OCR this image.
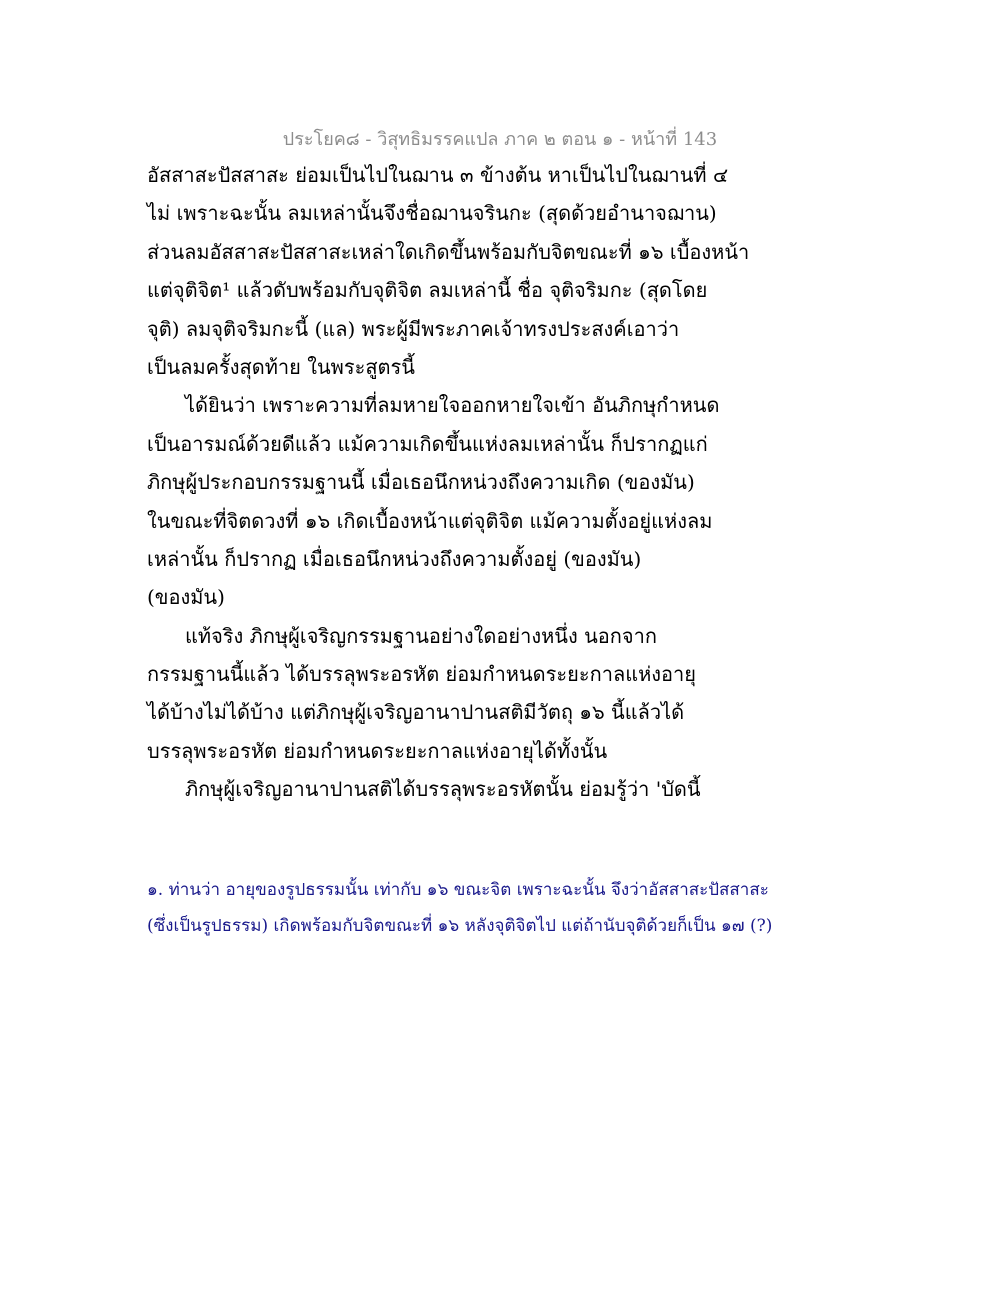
ประโยค๘ - วิสุทธิมรรคแปล ภาค ๒ ตอน ๑ - หน้าที่ 143
อัสสาสะปัสสาสะ ย่อมเป็นไปในฌาน ๓ ข้างต้น หาเป็นไปในฌานที่ ๔
ไม่ เพราะฉะนั้น ลมเหล่านั้นจึงชื่อฌานจรินกะ (สุดด้วยอำนาจฌาน)
ส่วนลมอัสสาสะปัสสาสะเหล่าใดเกิดขึ้นพร้อมกับจิตขณะที่ ๑๖ เบื้องหน้า
แต่จุติจิต¹ แล้วดับพร้อมกับจุติจิต ลมเหล่านี้ ชื่อ จุติจริมกะ (สุดโดย
จุติ) ลมจุติจริมกะนี้ (แล) พระผู้มีพระภาคเจ้าทรงประสงค์เอาว่า
เป็นลมครั้งสุดท้าย ในพระสูตรนี้
ได้ยินว่า เพราะความที่ลมหายใจออกหายใจเข้า อันภิกษุกำหนด
เป็นอารมณ์ด้วยดีแล้ว แม้ความเกิดขึ้นแห่งลมเหล่านั้น ก็ปรากฏแก่
ภิกษุผู้ประกอบกรรมฐานนี้ เมื่อเธอนึกหน่วงถึงความเกิด (ของมัน)
ในขณะที่จิตดวงที่ ๑๖ เกิดเบื้องหน้าแต่จุติจิต แม้ความตั้งอยู่แห่งลม
เหล่านั้น ก็ปรากฏ เมื่อเธอนึกหน่วงถึงความตั้งอยู่ (ของมัน)
(ของมัน)
แท้จริง ภิกษุผู้เจริญกรรมฐานอย่างใดอย่างหนึ่ง นอกจาก
กรรมฐานนี้แล้ว ได้บรรลุพระอรหัต ย่อมกำหนดระยะกาลแห่งอายุ
ได้บ้างไม่ได้บ้าง แต่ภิกษุผู้เจริญอานาปานสติมีวัตถุ ๑๖ นี้แล้วได้
บรรลุพระอรหัต ย่อมกำหนดระยะกาลแห่งอายุได้ทั้งนั้น
ภิกษุผู้เจริญอานาปานสติได้บรรลุพระอรหัตนั้น ย่อมรู้ว่า 'บัดนี้
๑. ท่านว่า อายุของรูปธรรมนั้น เท่ากับ ๑๖ ขณะจิต เพราะฉะนั้น จึงว่าอัสสาสะปัสสาสะ
(ซึ่งเป็นรูปธรรม) เกิดพร้อมกับจิตขณะที่ ๑๖ หลังจุติจิตไป แต่ถ้านับจุติด้วยก็เป็น ๑๗ (?)
